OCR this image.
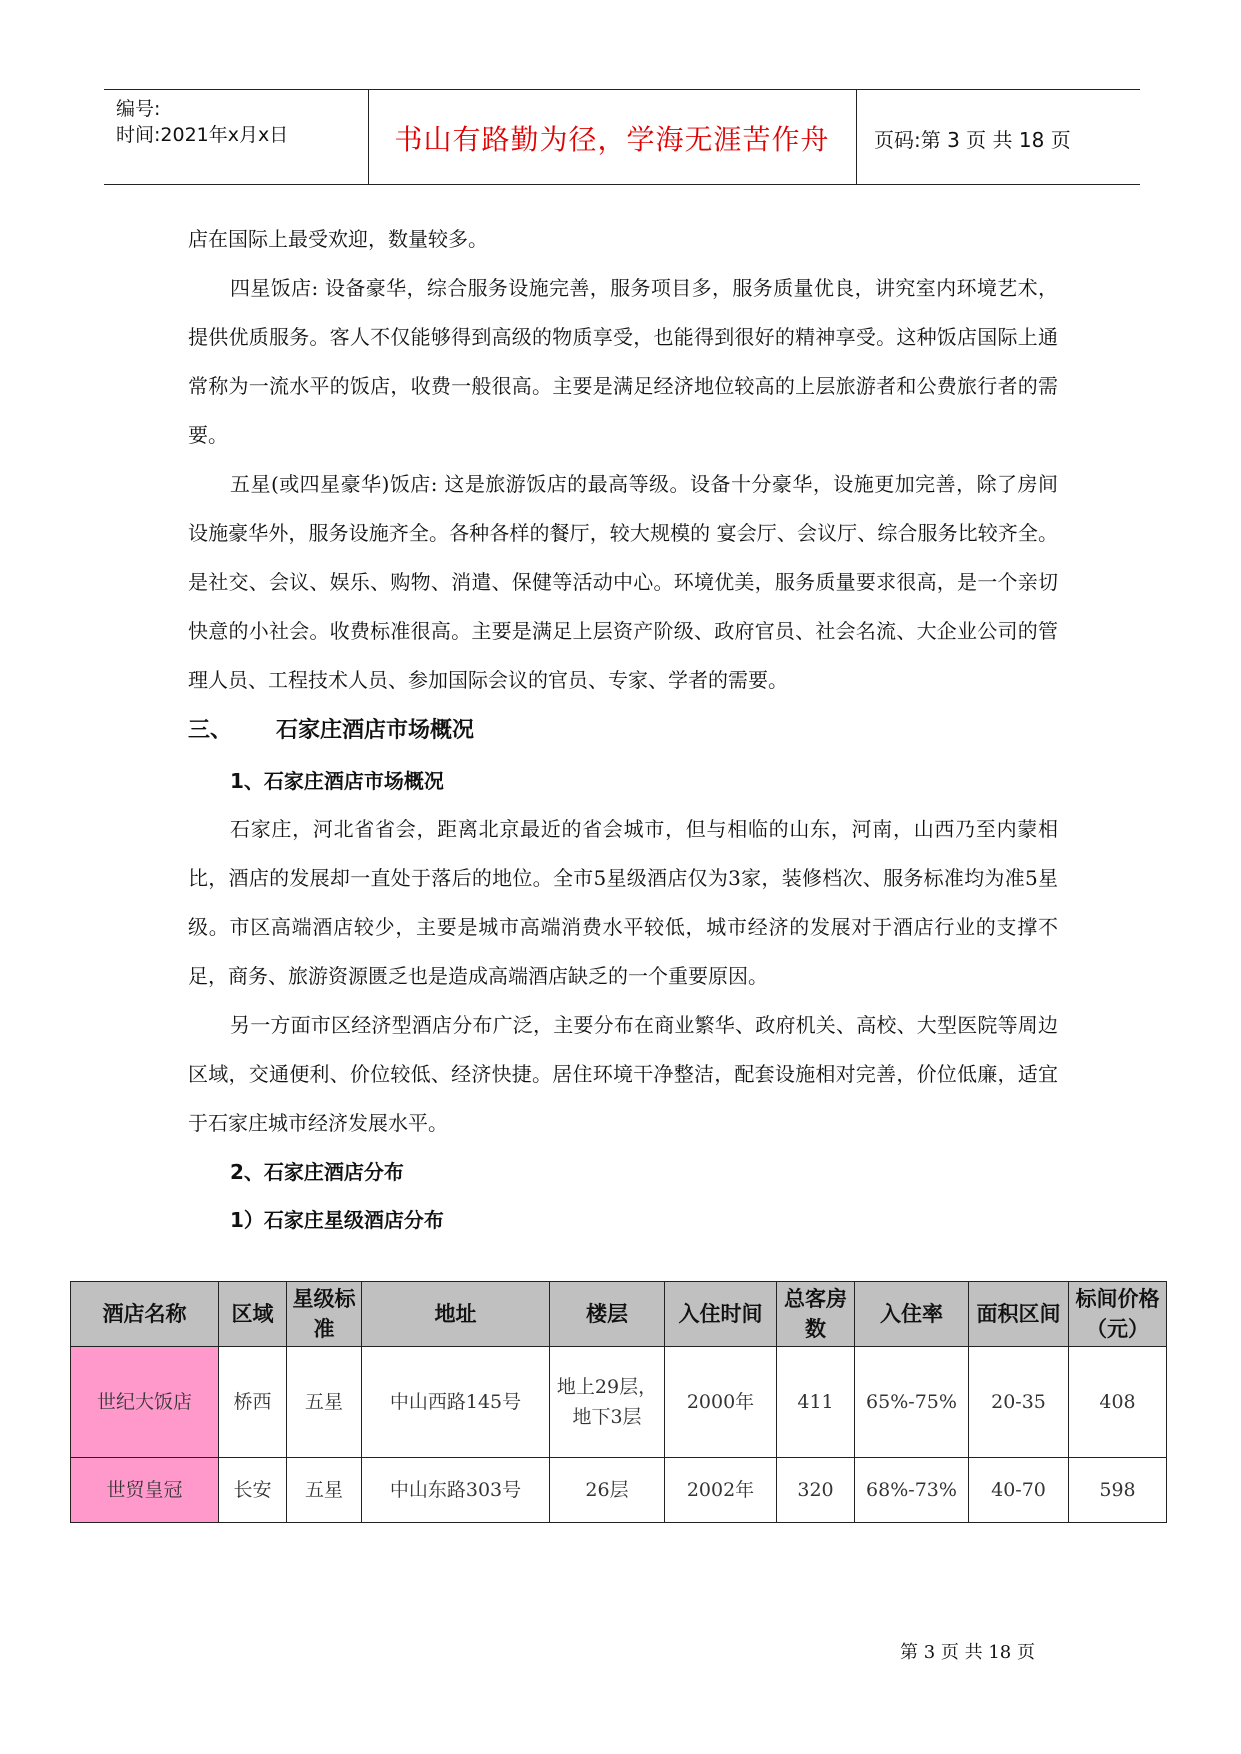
编号:
时间:2021年x月x日	书山有路勤为径，学海无涯苦作舟	页码:第 3 页 共 18 页

店在国际上最受欢迎，数量较多。

四星饭店: 设备豪华，综合服务设施完善，服务项目多，服务质量优良，讲究室内环境艺术，提供优质服务。客人不仅能够得到高级的物质享受，也能得到很好的精神享受。这种饭店国际上通常称为一流水平的饭店，收费一般很高。主要是满足经济地位较高的上层旅游者和公费旅行者的需要。

五星(或四星豪华)饭店: 这是旅游饭店的最高等级。设备十分豪华，设施更加完善，除了房间设施豪华外，服务设施齐全。各种各样的餐厅，较大规模的 宴会厅、会议厅、综合服务比较齐全。是社交、会议、娱乐、购物、消遣、保健等活动中心。环境优美，服务质量要求很高，是一个亲切快意的小社会。收费标准很高。主要是满足上层资产阶级、政府官员、社会名流、大企业公司的管理人员、工程技术人员、参加国际会议的官员、专家、学者的需要。

三、 石家庄酒店市场概况
1、石家庄酒店市场概况

石家庄，河北省省会，距离北京最近的省会城市，但与相临的山东，河南，山西乃至内蒙相比，酒店的发展却一直处于落后的地位。全市5星级酒店仅为3家，装修档次、服务标准均为准5星级。市区高端酒店较少，主要是城市高端消费水平较低，城市经济的发展对于酒店行业的支撑不足，商务、旅游资源匮乏也是造成高端酒店缺乏的一个重要原因。

另一方面市区经济型酒店分布广泛，主要分布在商业繁华、政府机关、高校、大型医院等周边区域，交通便利、价位较低、经济快捷。居住环境干净整洁，配套设施相对完善，价位低廉，适宜于石家庄城市经济发展水平。

2、石家庄酒店分布
1）石家庄星级酒店分布
酒店名称	区域	星级标准	地址	楼层	入住时间	总客房数	入住率	面积区间	标间价格（元）
世纪大饭店	桥西	五星	中山西路145号	地上29层，地下3层	2000年	411	65%-75%	20-35	408
世贸皇冠	长安	五星	中山东路303号	26层	2002年	320	68%-73%	40-70	598
第 3 页 共 18 页
